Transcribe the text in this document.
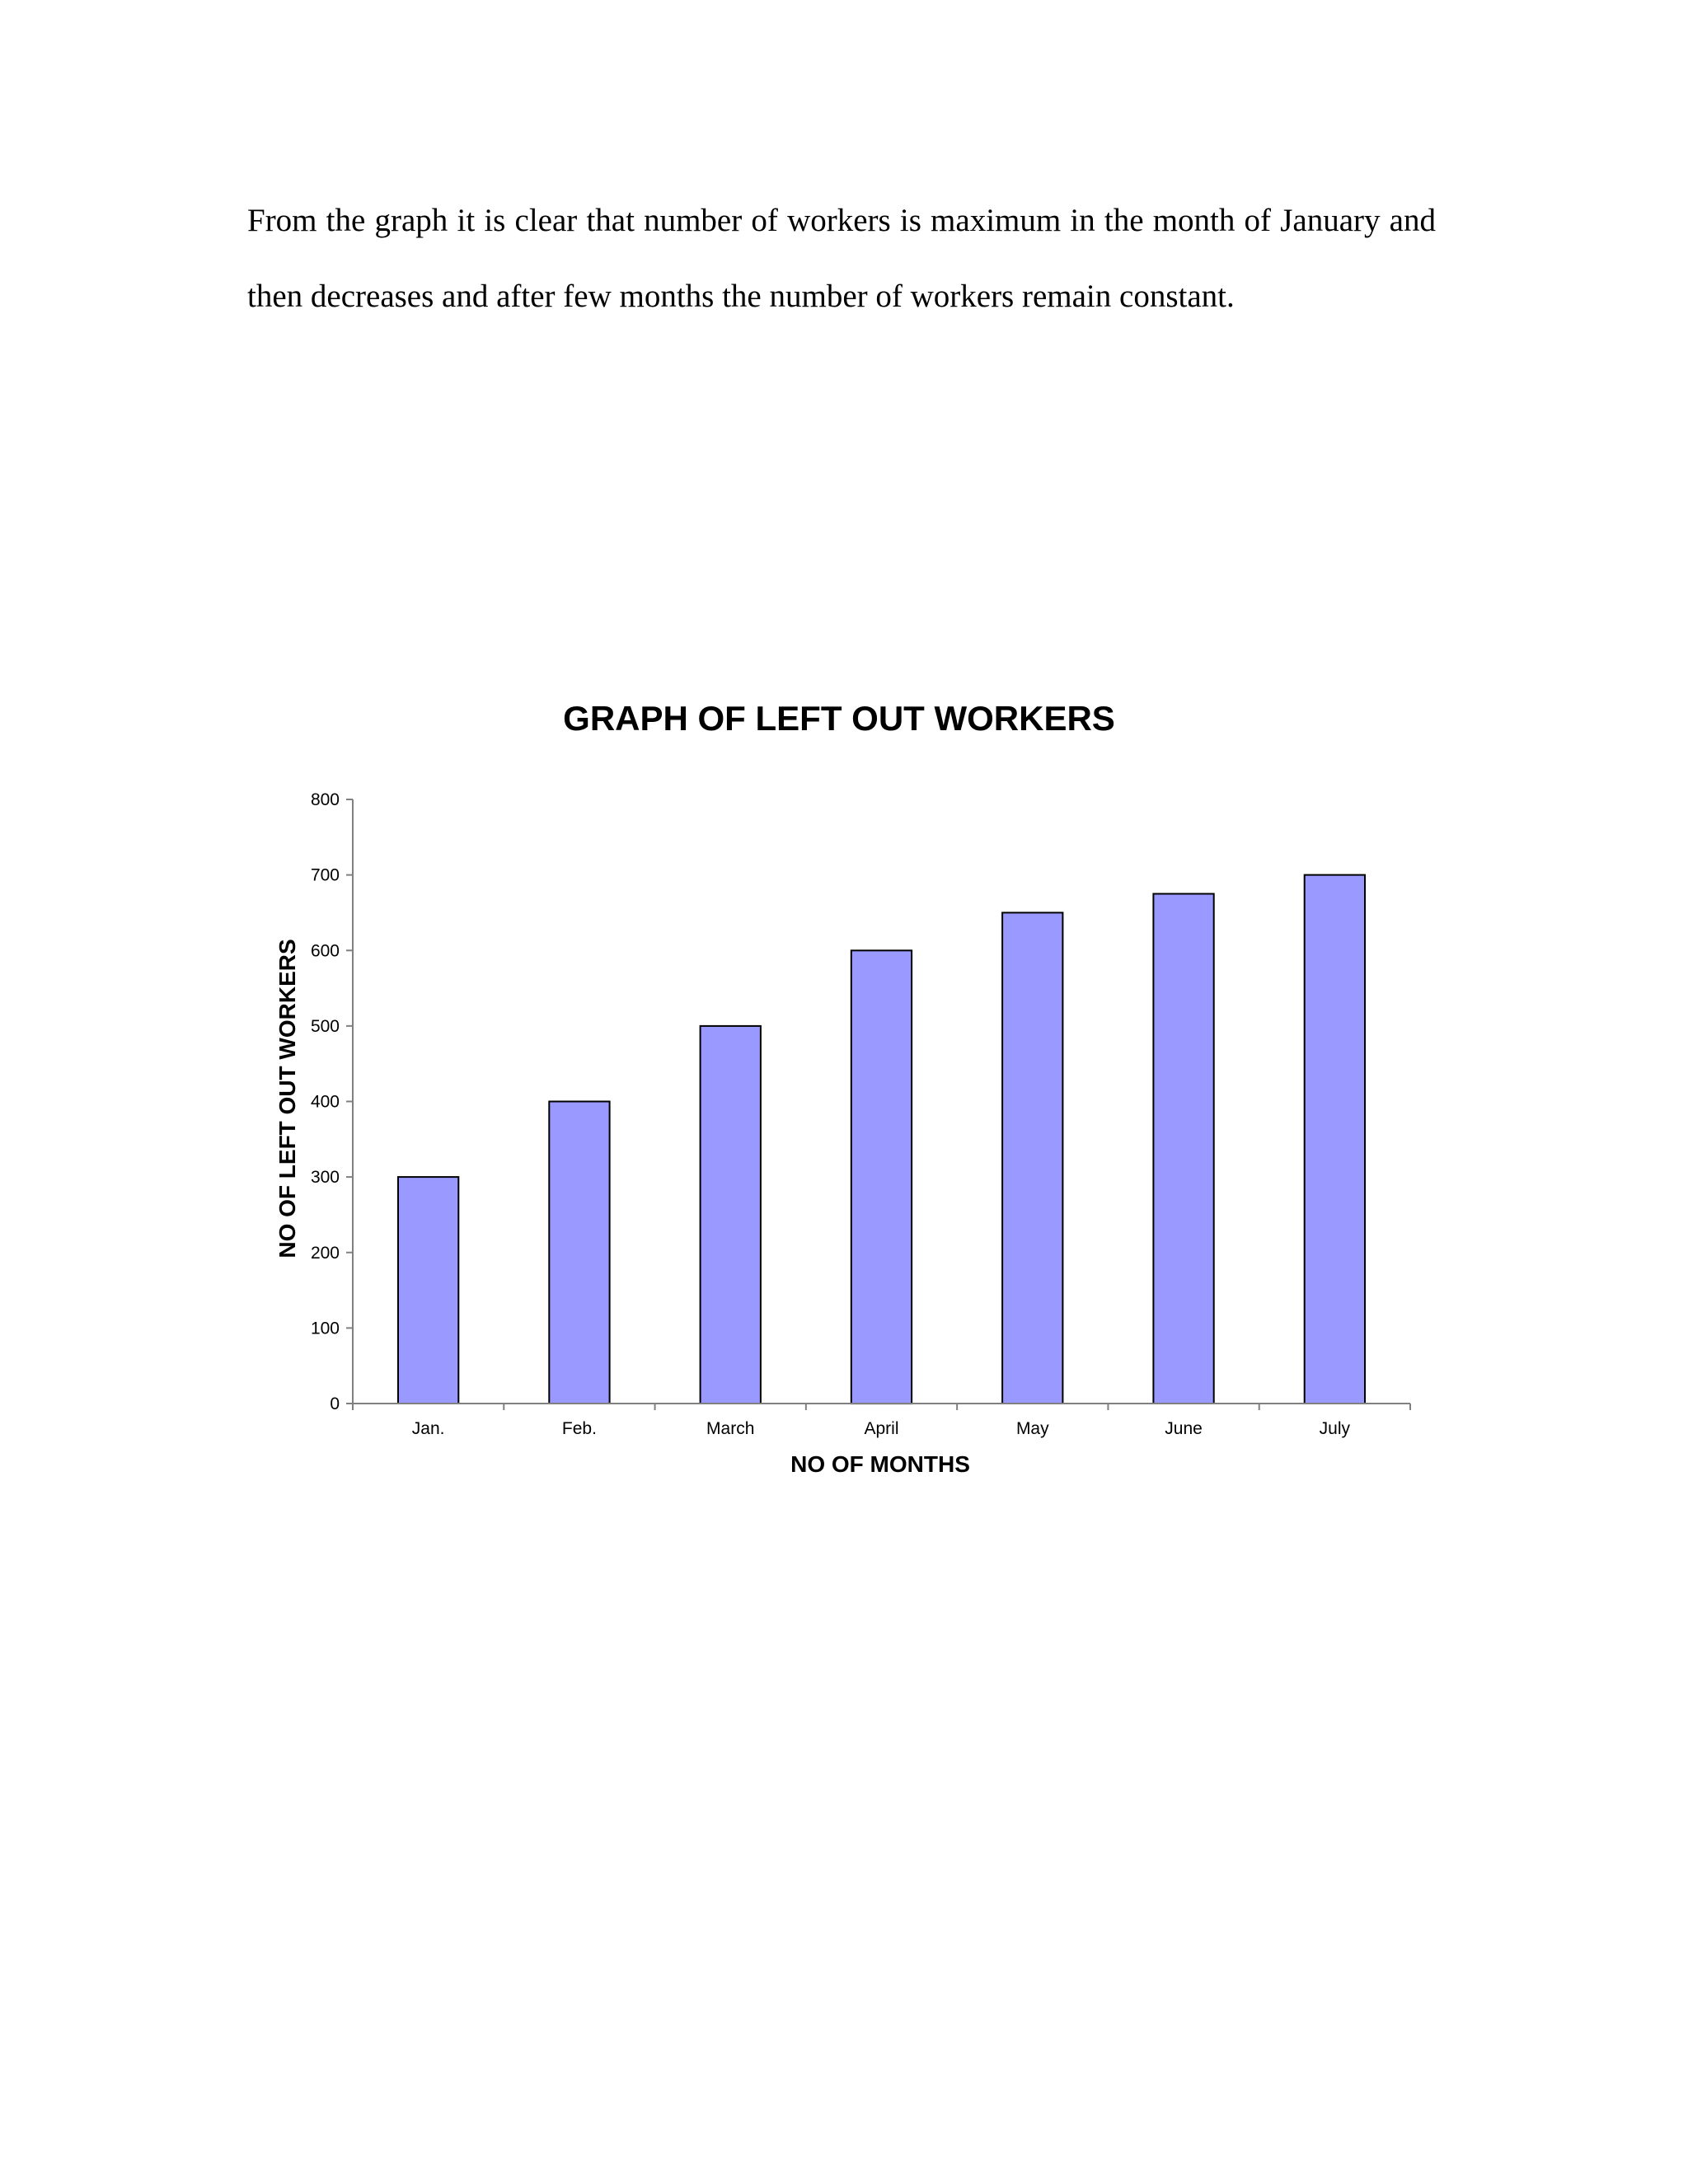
From the graph it is clear that number of workers is maximum in the month of January and then decreases and after few months the number of workers remain constant.

GRAPH OF LEFT OUT WORKERS
NO OF LEFT OUT WORKERS
NO OF MONTHS
0
100
200
300
400
500
600
700
800
Jan.	Feb.	March	April	May	June	July
